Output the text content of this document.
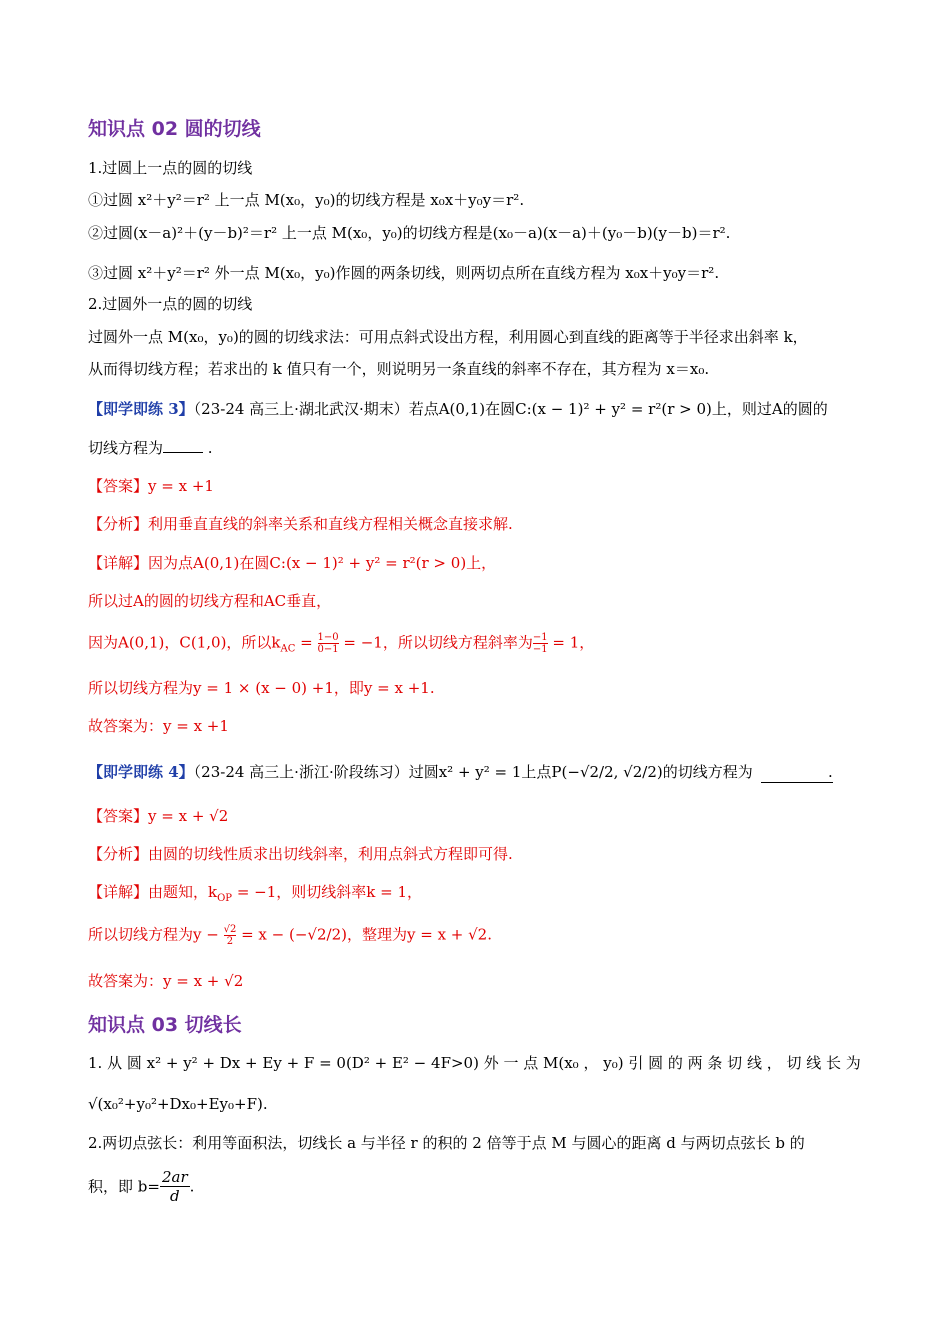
知识点 02 圆的切线
1.过圆上一点的圆的切线
①过圆 x²＋y²＝r² 上一点 M(x₀，y₀)的切线方程是 x₀x＋y₀y＝r².
②过圆(x－a)²＋(y－b)²＝r² 上一点 M(x₀，y₀)的切线方程是(x₀－a)(x－a)＋(y₀－b)(y－b)＝r².
③过圆 x²＋y²＝r² 外一点 M(x₀，y₀)作圆的两条切线，则两切点所在直线方程为 x₀x＋y₀y＝r².
2.过圆外一点的圆的切线
过圆外一点 M(x₀，y₀)的圆的切线求法：可用点斜式设出方程，利用圆心到直线的距离等于半径求出斜率 k，
从而得切线方程；若求出的 k 值只有一个，则说明另一条直线的斜率不存在，其方程为 x＝x₀.
【即学即练 3】（23-24 高三上·湖北武汉·期末）若点A(0,1)在圆C:(x − 1)² + y² = r²(r > 0)上，则过A的圆的
切线方程为	.
【答案】y = x +1
【分析】利用垂直直线的斜率关系和直线方程相关概念直接求解.
【详解】因为点A(0,1)在圆C:(x − 1)² + y² = r²(r > 0)上，
所以过A的圆的切线方程和AC垂直，
因为A(0,1)，C(1,0)，所以$k_{AC} = \frac{1-0}{0-1} = -1$，所以切线方程斜率为 $\frac{-1}{-1} = 1$，
所以切线方程为y = 1 × (x − 0) +1，即y = x +1.
故答案为：y = x +1
【即学即练 4】（23-24 高三上·浙江·阶段练习）过圆x² + y² = 1上点P(−√2/2, √2/2)的切线方程为	.
【答案】y = x + √2
【分析】由圆的切线性质求出切线斜率，利用点斜式方程即可得.
【详解】由题知，$k_{OP} = -1$，则切线斜率k = 1，
所以切线方程为$y - \frac{√2}{2} = x - (-√2/2)$，整理为y = x + √2.
故答案为：y = x + √2
知识点 03 切线长
1. 从 圆 x² + y² + Dx + Ey + F = 0(D² + E² − 4F>0) 外 一 点 M(x₀ ， y₀) 引 圆 的 两 条 切 线 ， 切 线 长 为
√(x₀²+y₀²+Dx₀+Ey₀+F).
2.两切点弦长：利用等面积法，切线长 a 与半径 r 的积的 2 倍等于点 M 与圆心的距离 d 与两切点弦长 b 的
积，即 $b= \frac{2ar}{d}$ .
